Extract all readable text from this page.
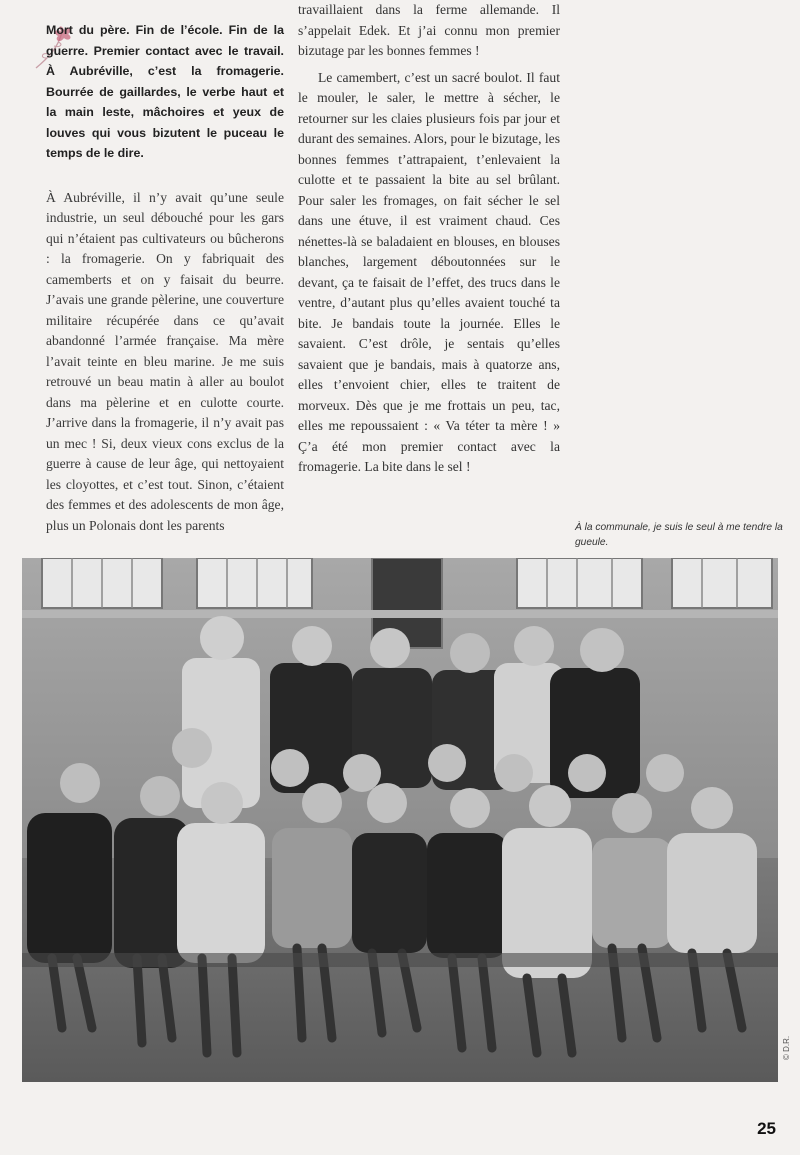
Mort du père. Fin de l’école. Fin de la guerre. Premier contact avec le travail. À Aubréville, c’est la fromagerie. Bourrée de gaillardes, le verbe haut et la main leste, mâchoires et yeux de louves qui vous bizutent le puceau le temps de le dire.

À Aubréville, il n’y avait qu’une seule industrie, un seul débouché pour les gars qui n’étaient pas cultivateurs ou bûcherons : la fromagerie. On y fabriquait des camemberts et on y faisait du beurre. J’avais une grande pèlerine, une couverture militaire récupérée dans ce qu’avait abandonné l’armée française. Ma mère l’avait teinte en bleu marine. Je me suis retrouvé un beau matin à aller au boulot dans ma pèlerine et en culotte courte. J’arrive dans la fromagerie, il n’y avait pas un mec ! Si, deux vieux cons exclus de la guerre à cause de leur âge, qui nettoyaient les cloyottes, et c’est tout. Sinon, c’étaient des femmes et des adolescents de mon âge, plus un Polonais dont les parents

travaillaient dans la ferme allemande. Il s’appelait Edek. Et j’ai connu mon premier bizutage par les bonnes femmes !

Le camembert, c’est un sacré boulot. Il faut le mouler, le saler, le mettre à sécher, le retourner sur les claies plusieurs fois par jour et durant des semaines. Alors, pour le bizutage, les bonnes femmes t’attrapaient, t’enlevaient la culotte et te passaient la bite au sel brûlant. Pour saler les fromages, on fait sécher le sel dans une étuve, il est vraiment chaud. Ces nénettes-là se baladaient en blouses, en blouses blanches, largement déboutonnées sur le devant, ça te faisait de l’effet, des trucs dans le ventre, d’autant plus qu’elles avaient touché ta bite. Je bandais toute la journée. Elles le savaient. C’est drôle, je sentais qu’elles savaient que je bandais, mais à quatorze ans, elles t’envoient chier, elles te traitent de morveux. Dès que je me frottais un peu, tac, elles me repoussaient : « Va téter ta mère ! » Ç’a été mon premier contact avec la fromagerie. La bite dans le sel !

À la communale, je suis le seul à me tendre la gueule.
© D.R.
25
